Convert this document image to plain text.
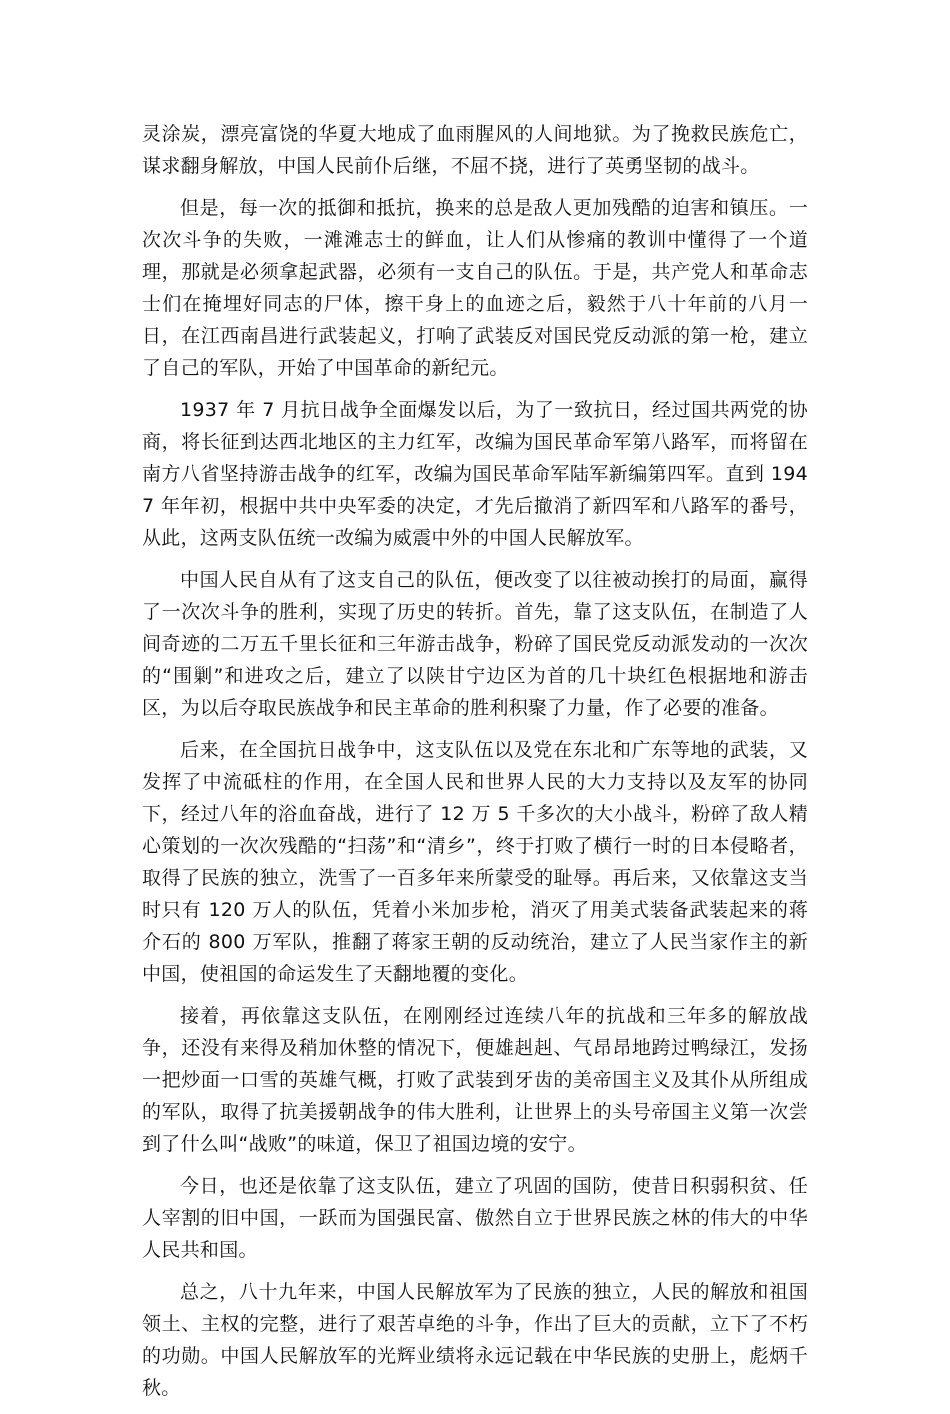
灵涂炭，漂亮富饶的华夏大地成了血雨腥风的人间地狱。为了挽救民族危亡，谋求翻身解放，中国人民前仆后继，不屈不挠，进行了英勇坚韧的战斗。

但是，每一次的抵御和抵抗，换来的总是敌人更加残酷的迫害和镇压。一次次斗争的失败，一滩滩志士的鲜血，让人们从惨痛的教训中懂得了一个道理，那就是必须拿起武器，必须有一支自己的队伍。于是，共产党人和革命志士们在掩埋好同志的尸体，擦干身上的血迹之后，毅然于八十年前的八月一日，在江西南昌进行武装起义，打响了武装反对国民党反动派的第一枪，建立了自己的军队，开始了中国革命的新纪元。

1937 年 7 月抗日战争全面爆发以后，为了一致抗日，经过国共两党的协商，将长征到达西北地区的主力红军，改编为国民革命军第八路军，而将留在南方八省坚持游击战争的红军，改编为国民革命军陆军新编第四军。直到 1947 年年初，根据中共中央军委的决定，才先后撤消了新四军和八路军的番号，从此，这两支队伍统一改编为威震中外的中国人民解放军。

中国人民自从有了这支自己的队伍，便改变了以往被动挨打的局面，赢得了一次次斗争的胜利，实现了历史的转折。首先，靠了这支队伍，在制造了人间奇迹的二万五千里长征和三年游击战争，粉碎了国民党反动派发动的一次次的“围剿”和进攻之后，建立了以陕甘宁边区为首的几十块红色根据地和游击区，为以后夺取民族战争和民主革命的胜利积聚了力量，作了必要的准备。

后来，在全国抗日战争中，这支队伍以及党在东北和广东等地的武装，又发挥了中流砥柱的作用，在全国人民和世界人民的大力支持以及友军的协同下，经过八年的浴血奋战，进行了 12 万 5 千多次的大小战斗，粉碎了敌人精心策划的一次次残酷的“扫荡”和“清乡”，终于打败了横行一时的日本侵略者，取得了民族的独立，洗雪了一百多年来所蒙受的耻辱。再后来，又依靠这支当时只有 120 万人的队伍，凭着小米加步枪，消灭了用美式装备武装起来的蒋介石的 800 万军队，推翻了蒋家王朝的反动统治，建立了人民当家作主的新中国，使祖国的命运发生了天翻地覆的变化。

接着，再依靠这支队伍，在刚刚经过连续八年的抗战和三年多的解放战争，还没有来得及稍加休整的情况下，便雄赳赳、气昂昂地跨过鸭绿江，发扬一把炒面一口雪的英雄气概，打败了武装到牙齿的美帝国主义及其仆从所组成的军队，取得了抗美援朝战争的伟大胜利，让世界上的头号帝国主义第一次尝到了什么叫“战败”的味道，保卫了祖国边境的安宁。

今日，也还是依靠了这支队伍，建立了巩固的国防，使昔日积弱积贫、任人宰割的旧中国，一跃而为国强民富、傲然自立于世界民族之林的伟大的中华人民共和国。

总之，八十九年来，中国人民解放军为了民族的独立，人民的解放和祖国领土、主权的完整，进行了艰苦卓绝的斗争，作出了巨大的贡献，立下了不朽的功勋。中国人民解放军的光辉业绩将永远记载在中华民族的史册上，彪炳千秋。
